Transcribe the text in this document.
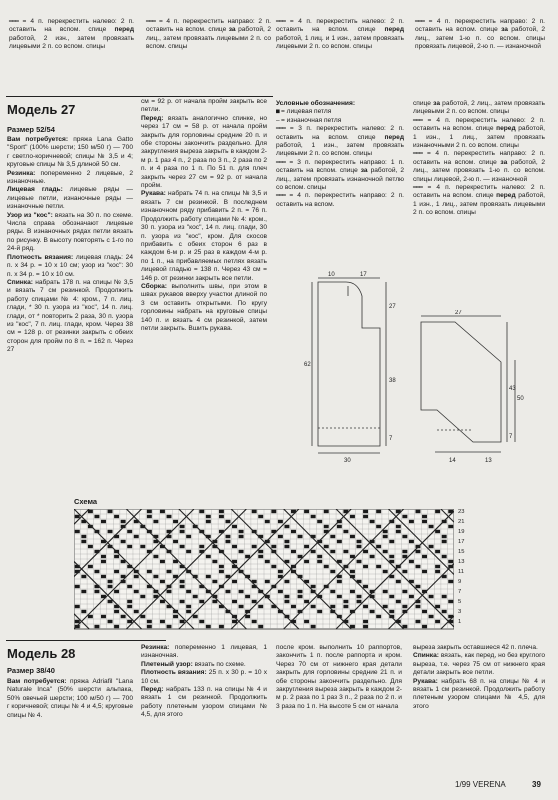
═══ = 4 п. перекрестить налево: 2 п. оставить на вспом. спице перед работой, 2 изн., затем провязать лицевыми 2 п. со вспом. спицы
═══ = 4 п. перекрестить направо: 2 п. оставить на вспом. спице за работой, 2 лиц., затем провязать лицевыми 2 п. со вспом. спицы
═══ = 4 п. перекрестить налево: 2 п. оставить на вспом. спице перед работой, 1 лиц. и 1 изн., затем провязать лицевыми 2 п. со вспом. спицы
═══ = 4 п. перекрестить направо: 2 п. оставить на вспом. спице за работой, 2 лиц., затем 1-ю п. со вспом. спицы провязать лицевой, 2-ю п. — изнаночной
Модель 27
Размер 52/54

Вам потребуется: пряжа Lana Gatto "Sport" (100% шерсти; 150 м/50 г) — 700 г светло-коричневой; спицы № 3,5 и 4; круговые спицы № 3,5 длиной 50 см.

Резинка: попеременно 2 лицевые, 2 изнаночные.

Лицевая гладь: лицевые ряды — лицевые петли, изнаночные ряды — изнаночные петли.

Узор из "кос": вязать на 30 п. по схеме. Числа справа обозначают лицевые ряды. В изнаночных рядах петли вязать по рисунку. В высоту повторять с 1-го по 24-й ряд.

Плотность вязания: лицевая гладь: 24 п. х 34 р. = 10 х 10 см; узор из "кос": 30 п. х 34 р. = 10 х 10 см.

Спинка: набрать 178 п. на спицы № 3,5 и вязать 7 см резинкой. Продолжить работу спицами № 4: кром., 7 п. лиц. глади, * 30 п. узора из "кос", 14 п. лиц. глади, от * повторить 2 раза, 30 п. узора из "кос", 7 п. лиц. глади, кром. Через 38 см = 128 р. от резинки закрыть с обеих сторон для пройм по 8 п. = 162 п. Через 27

см = 92 р. от начала пройм закрыть все петли.

Перед: вязать аналогично спинке, но через 17 см = 58 р. от начала пройм закрыть для горловины средние 20 п. и обе стороны закончить раздельно. Для закругления выреза закрыть в каждом 2-м р. 1 раз 4 п., 2 раза по 3 п., 2 раза по 2 п. и 4 раза по 1 п. По 51 п. для плеч закрыть через 27 см = 92 р. от начала пройм.

Рукава: набрать 74 п. на спицы № 3,5 и вязать 7 см резинкой. В последнем изнаночном ряду прибавить 2 п. = 76 п. Продолжить работу спицами № 4: кром., 30 п. узора из "кос", 14 п. лиц. глади, 30 п. узора из "кос", кром. Для скосов прибавить с обеих сторон 6 раз в каждом 6-м р. и 25 раз в каждом 4-м р. по 1 п., на прибавляемых петлях вязать лицевой гладью = 138 п. Через 43 см = 146 р. от резинки закрыть все петли.

Сборка: выполнить швы, при этом в швах рукавов вверху участки длиной по 3 см оставить открытыми. По кругу горловины набрать на круговые спицы 140 п. и вязать 4 см резинкой, затем петли закрыть. Вшить рукава.

Условные обозначения:

■ = лицевая петля

– = изнаночная петля

═══ = 3 п. перекрестить налево: 2 п. оставить на вспом. спице перед работой, 1 изн., затем провязать лицевыми 2 п. со вспом. спицы

═══ = 3 п. перекрестить направо: 1 п. оставить на вспом. спице за работой, 2 лиц., затем провязать изнаночной петлю со вспом. спицы

═══ = 4 п. перекрестить направо: 2 п. оставить на вспом.

спице за работой, 2 лиц., затем провязать лицевыми 2 п. со вспом. спицы

═══ = 4 п. перекрестить налево: 2 п. оставить на вспом. спице перед работой, 1 изн., 1 лиц., затем провязать изнаночными 2 п. со вспом. спицы

═══ = 4 п. перекрестить направо: 2 п. оставить на вспом. спице за работой, 2 лиц., затем провязать 1-ю п. со вспом. спицы лицевой, 2-ю п. — изнаночной

═══ = 4 п. перекрестить налево: 2 п. оставить на вспом. спице перед работой, 1 изн., 1 лиц., затем провязать лицевыми 2 п. со вспом. спицы

10	17
27
38
7
30
62
27
43
7
50
14	13
Схема
23
21
19
17
15
13
11
9
7
5
3
1
Модель 28
Размер 38/40

Вам потребуется: пряжа Adriafil "Lana Naturale Inca" (50% шерсти альпака, 50% овечьей шерсти; 100 м/50 г) — 700 г коричневой; спицы № 4 и 4,5; круговые спицы № 4.

Резинка: попеременно 1 лицевая, 1 изнаночная.

Плетеный узор: вязать по схеме.

Плотность вязания: 25 п. х 30 р. = 10 х 10 см.

Перед: набрать 133 п. на спицы № 4 и вязать 1 см резинкой. Продолжить работу плетеным узором спицами № 4,5, для этого

после кром. выполнить 10 раппортов, закончить 1 п. после раппорта и кром. Через 70 см от нижнего края детали закрыть для горловины средние 21 п. и обе стороны закончить раздельно. Для закругления выреза закрыть в каждом 2-м р. 2 раза по 1 раз 3 п., 2 раза по 2 п. и 3 раза по 1 п. На высоте 5 см от начала

выреза закрыть оставшиеся 42 п. плеча.

Спинка: вязать, как перед, но без круглого выреза, т.е. через 75 см от нижнего края детали закрыть все петли.

Рукава: набрать 68 п. на спицы № 4 и вязать 1 см резинкой. Продолжить работу плетеным узором спицами № 4,5, для этого

1/99 VERENA	39
